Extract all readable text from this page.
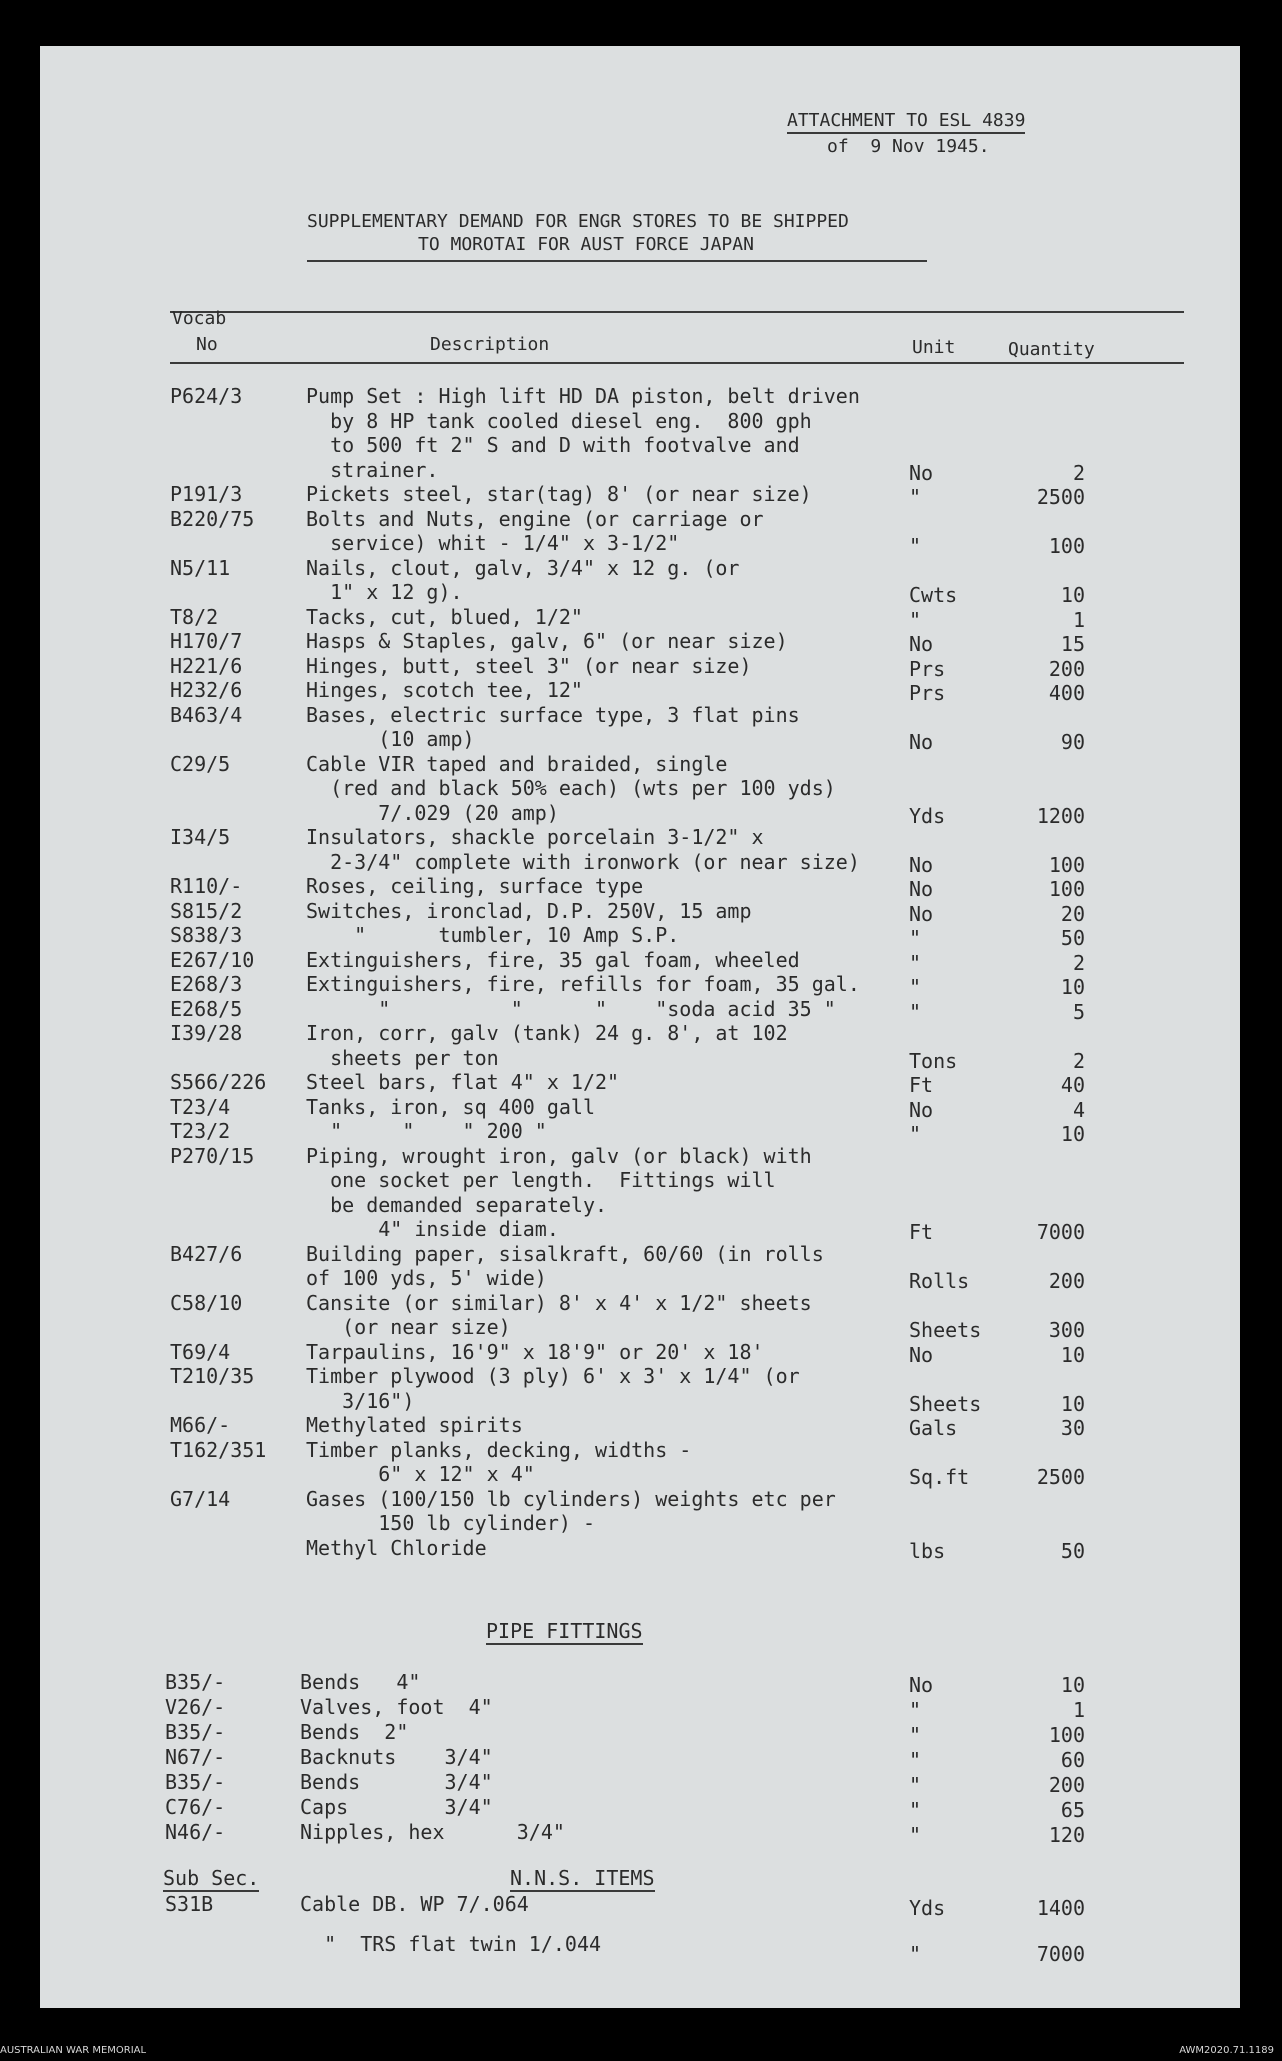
ATTACHMENT TO ESL 4839
of  9 Nov 1945.
SUPPLEMENTARY DEMAND FOR ENGR STORES TO BE SHIPPED
TO MOROTAI FOR AUST FORCE JAPAN
Vocab
No	Description	Unit	Quantity
P624/3	Pump Set : High lift HD DA piston, belt driven
by 8 HP tank cooled diesel eng.  800 gph
to 500 ft 2" S and D with footvalve and
strainer.	No	2
P191/3	Pickets steel, star(tag) 8' (or near size)	"	2500
B220/75	Bolts and Nuts, engine (or carriage or
service) whit - 1/4" x 3-1/2"	"	100
N5/11	Nails, clout, galv, 3/4" x 12 g. (or
1" x 12 g).	Cwts	10
T8/2	Tacks, cut, blued, 1/2"	"	1
H170/7	Hasps & Staples, galv, 6" (or near size)	No	15
H221/6	Hinges, butt, steel 3" (or near size)	Prs	200
H232/6	Hinges, scotch tee, 12"	Prs	400
B463/4	Bases, electric surface type, 3 flat pins
(10 amp)	No	90
C29/5	Cable VIR taped and braided, single
(red and black 50% each) (wts per 100 yds)
7/.029 (20 amp)	Yds	1200
I34/5	Insulators, shackle porcelain 3-1/2" x
2-3/4" complete with ironwork (or near size) No	100
R110/-	Roses, ceiling, surface type	No	100
S815/2	Switches, ironclad, D.P. 250V, 15 amp	No	20
S838/3	"      tumbler, 10 Amp S.P.	"	50
E267/10	Extinguishers, fire, 35 gal foam, wheeled	"	2
E268/3	Extinguishers, fire, refills for foam, 35 gal. "	10
E268/5	"          "      "    "soda acid 35 "	"	5
I39/28	Iron, corr, galv (tank) 24 g. 8', at 102
sheets per ton	Tons	2
S566/226 Steel bars, flat 4" x 1/2"	Ft	40
T23/4	Tanks, iron, sq 400 gall	No	4
T23/2	"     "    " 200 "	"	10
P270/15	Piping, wrought iron, galv (or black) with
one socket per length.  Fittings will
be demanded separately.
4" inside diam.	Ft	7000
B427/6	Building paper, sisalkraft, 60/60 (in rolls
of 100 yds, 5' wide)	Rolls	200
C58/10	Cansite (or similar) 8' x 4' x 1/2" sheets
(or near size)	Sheets	300
T69/4	Tarpaulins, 16'9" x 18'9" or 20' x 18'	No	10
T210/35	Timber plywood (3 ply) 6' x 3' x 1/4" (or
3/16")	Sheets	10
M66/-	Methylated spirits	Gals	30
T162/351 Timber planks, decking, widths -
6" x 12" x 4"	Sq.ft	2500
G7/14	Gases (100/150 lb cylinders) weights etc per
150 lb cylinder) -
Methyl Chloride	lbs	50
PIPE FITTINGS
B35/-	Bends   4"	No	10
V26/-	Valves, foot  4"	"	1
B35/-	Bends  2"	"	100
N67/-	Backnuts    3/4"	"	60
B35/-	Bends       3/4"	"	200
C76/-	Caps        3/4"	"	65
N46/-	Nipples, hex      3/4"	"	120
Sub Sec.	N.N.S. ITEMS
S31B	Cable DB. WP 7/.064	Yds	1400
"  TRS flat twin 1/.044	"	7000
AUSTRALIAN WAR MEMORIAL	AWM2020.71.1189
